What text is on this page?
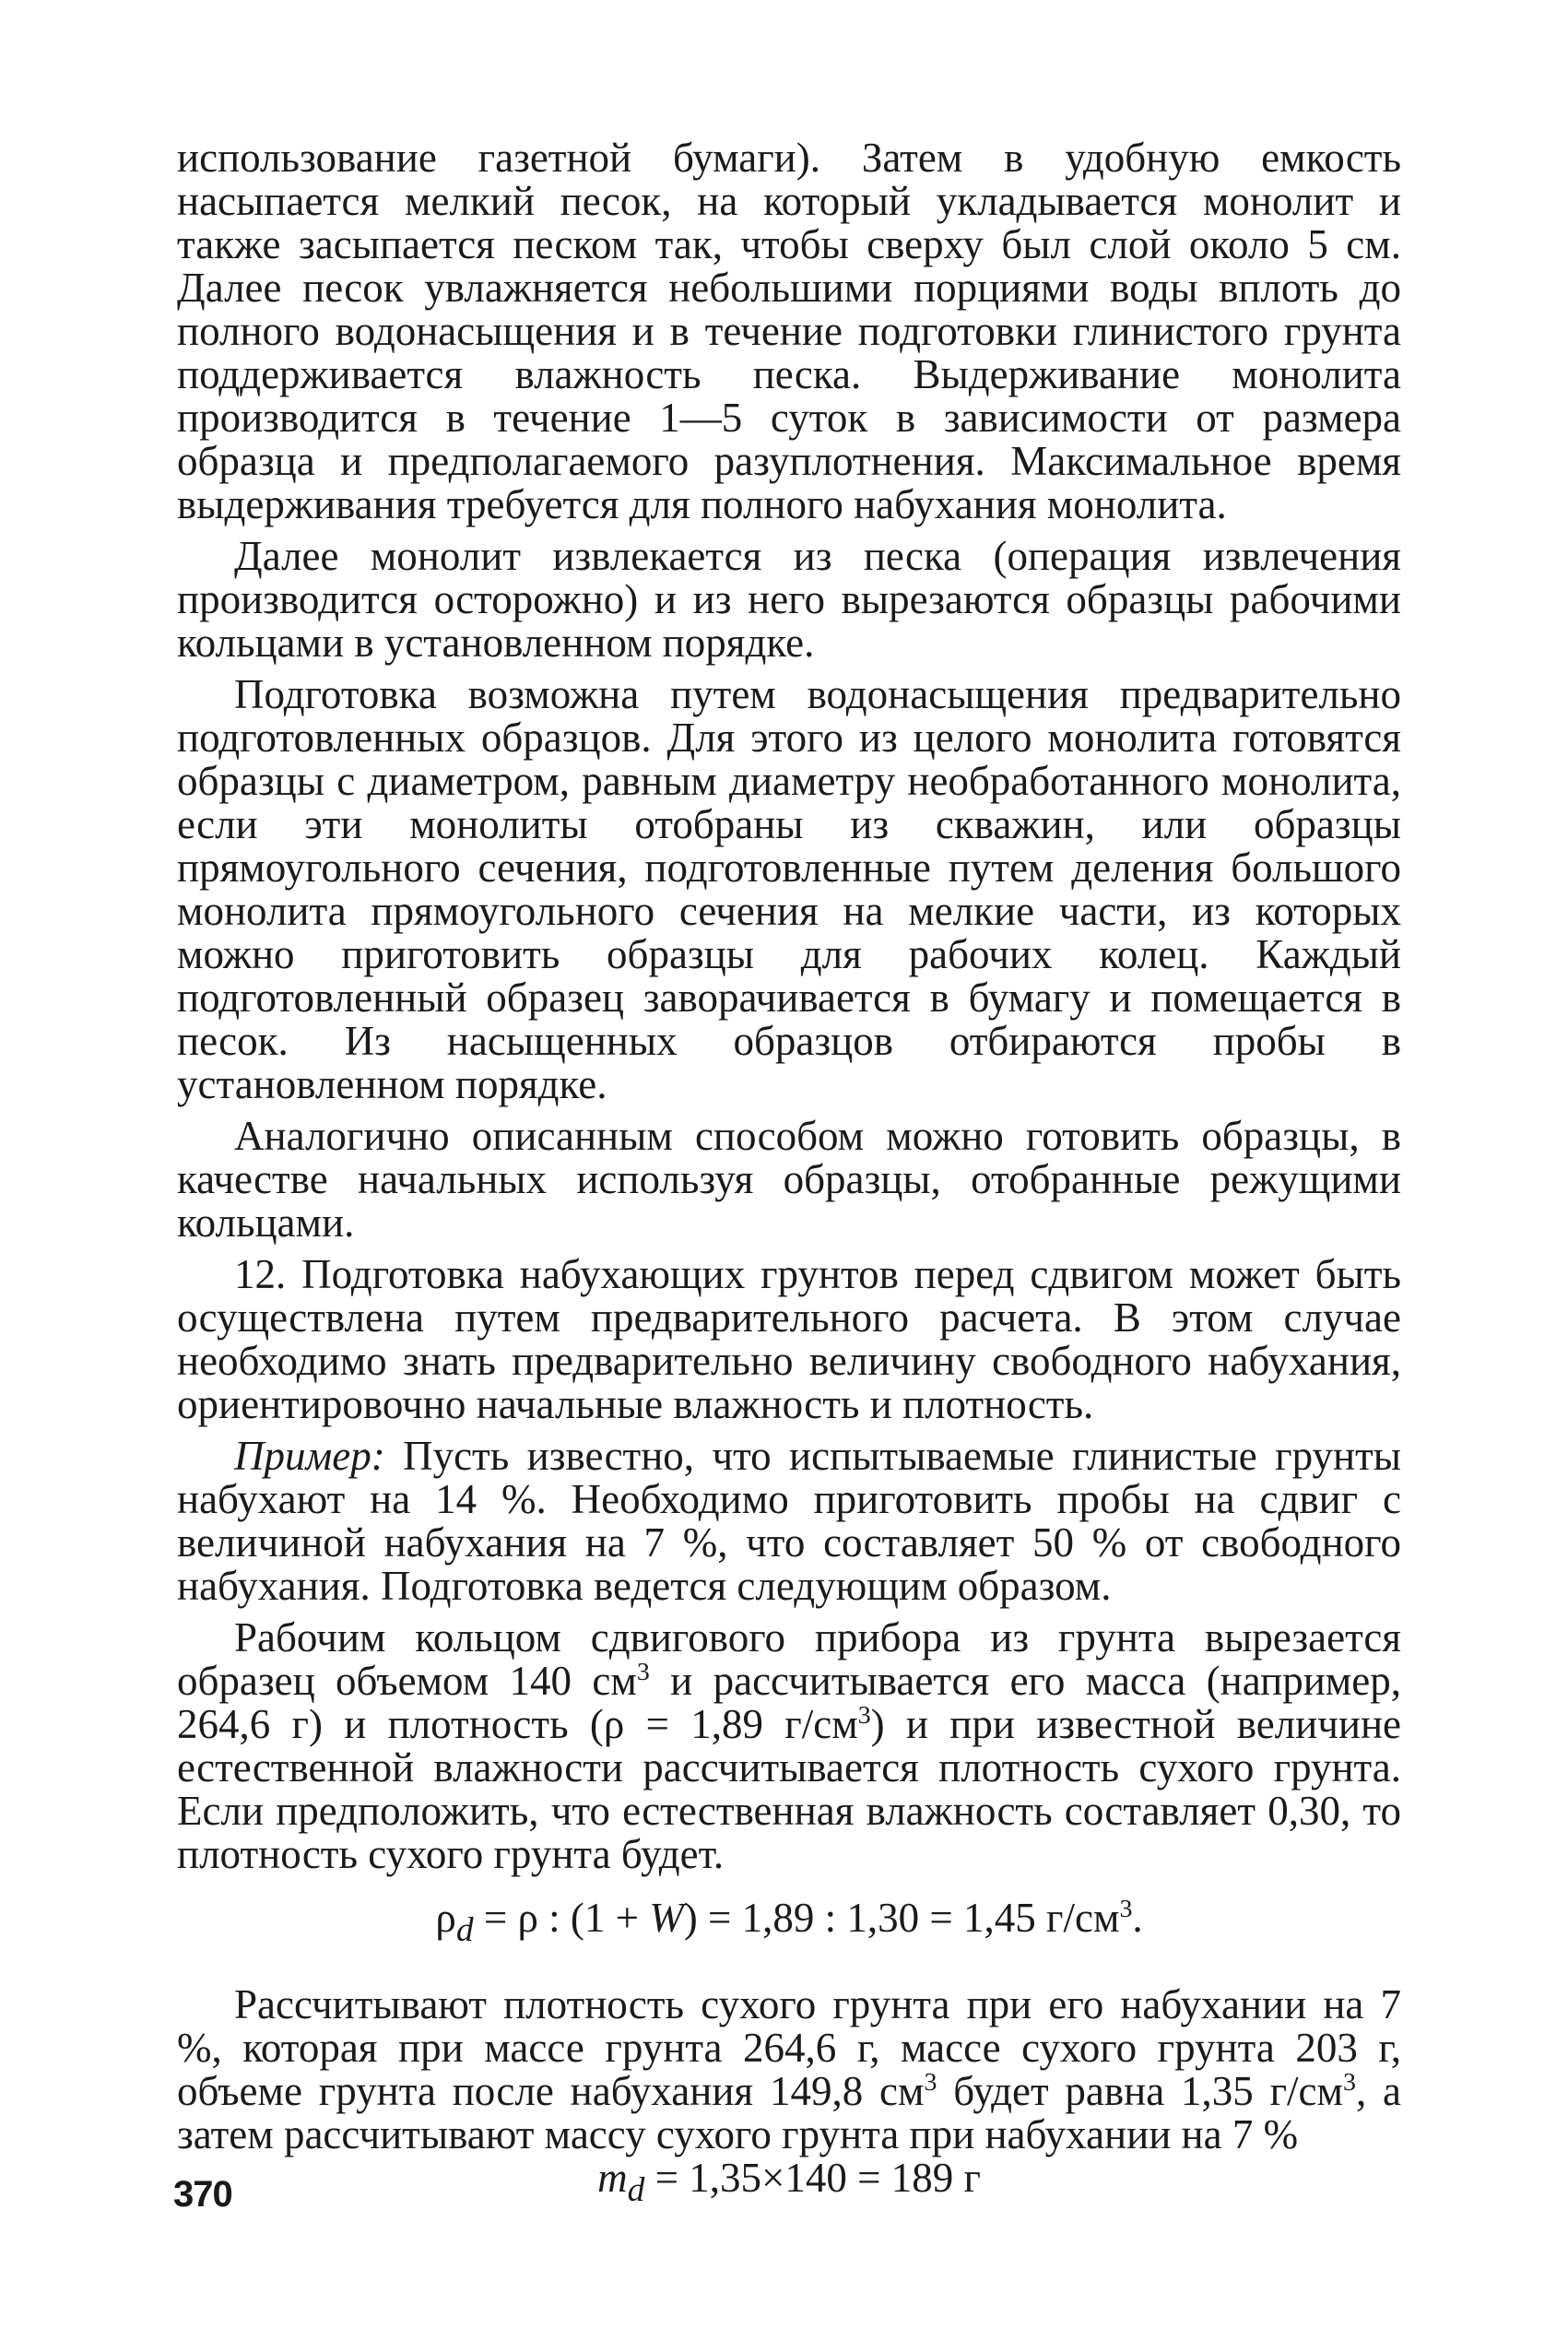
использование газетной бумаги). Затем в удобную емкость насыпается мелкий песок, на который укладывается монолит и также засыпается песком так, чтобы сверху был слой около 5 см. Далее песок увлажняется небольшими порциями воды вплоть до полного водонасыщения и в течение подготовки глинистого грунта поддерживается влажность песка. Выдерживание монолита производится в течение 1—5 суток в зависимости от размера образца и предполагаемого разуплотнения. Максимальное время выдерживания требуется для полного набухания монолита.

Далее монолит извлекается из песка (операция извлечения производится осторожно) и из него вырезаются образцы рабочими кольцами в установленном порядке.

Подготовка возможна путем водонасыщения предварительно подготовленных образцов. Для этого из целого монолита готовятся образцы с диаметром, равным диаметру необработанного монолита, если эти монолиты отобраны из скважин, или образцы прямоугольного сечения, подготовленные путем деления большого монолита прямоугольного сечения на мелкие части, из которых можно приготовить образцы для рабочих колец. Каждый подготовленный образец заворачивается в бумагу и помещается в песок. Из насыщенных образцов отбираются пробы в установленном порядке.

Аналогично описанным способом можно готовить образцы, в качестве начальных используя образцы, отобранные режущими кольцами.

12. Подготовка набухающих грунтов перед сдвигом может быть осуществлена путем предварительного расчета. В этом случае необходимо знать предварительно величину свободного набухания, ориентировочно начальные влажность и плотность.

Пример: Пусть известно, что испытываемые глинистые грунты набухают на 14 %. Необходимо приготовить пробы на сдвиг с величиной набухания на 7 %, что составляет 50 % от свободного набухания. Подготовка ведется следующим образом.

Рабочим кольцом сдвигового прибора из грунта вырезается образец объемом 140 $см^3$ и рассчитывается его масса (например, 264,6 г) и плотность (ρ = 1,89 $г/см^3$) и при известной величине естественной влажности рассчитывается плотность сухого грунта. Если предположить, что естественная влажность составляет 0,30, то плотность сухого грунта будет.

$\rho_d = \rho$ : (1 + W) = 1,89 : 1,30 = 1,45 $г/см^3$.

Рассчитывают плотность сухого грунта при его набухании на 7 %, которая при массе грунта 264,6 г, массе сухого грунта 203 г, объеме грунта после набухания 149,8 $см^3$ будет равна 1,35 $г/см^3$, а затем рассчитывают массу сухого грунта при набухании на 7 %

$m_d = 1,35\times 140 = 189$ г

370
